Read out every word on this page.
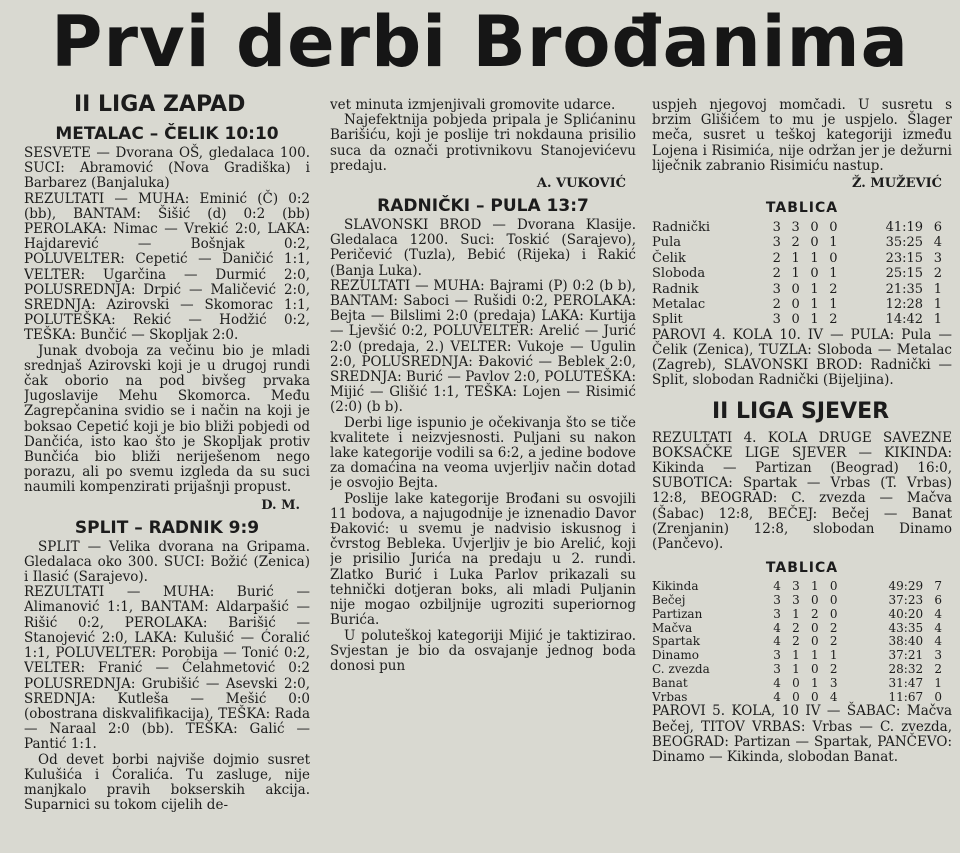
Prvi derbi Brođanima
II LIGA ZAPAD
METALAC – ČELIK 10:10

SESVETE — Dvorana OŠ, gledalaca 100. SUCI: Abramović (Nova Gradiška) i Barbarez (Banjaluka)

REZULTATI — MUHA: Eminić (Č) 0:2 (bb), BANTAM: Šišić (d) 0:2 (bb) PEROLAKA: Nimac — Vrekić 2:0, LAKA: Hajdarević — Bošnjak 0:2, POLUVELTER: Cepetić — Daničić 1:1, VELTER: Ugarčina — Durmić 2:0, POLUSREDNJA: Drpić — Maličević 2:0, SREDNJA: Azirovski — Skomorac 1:1, POLUTEŠKA: Rekić — Hodžić 0:2, TEŠKA: Bunčić — Skopljak 2:0.

Junak dvoboja za večinu bio je mladi srednjaš Azirovski koji je u drugoj rundi čak oborio na pod bivšeg prvaka Jugoslavije Mehu Skomorca. Među Zagrepčanina svidio se i način na koji je boksao Cepetić koji je bio bliži pobjedi od Dančića, isto kao što je Skopljak protiv Bunčića bio bliži neriješenom nego porazu, ali po svemu izgleda da su suci naumili kompenzirati prijašnji propust.

D. M.
SPLIT – RADNIK 9:9

SPLIT — Velika dvorana na Gripama. Gledalaca oko 300. SUCI: Božić (Zenica) i Ilasić (Sarajevo).

REZULTATI — MUHA: Burić — Alimanović 1:1, BANTAM: Aldarpašić — Rišić 0:2, PEROLAKA: Barišić — Stanojević 2:0, LAKA: Kulušić — Ćoralić 1:1, POLUVELTER: Porobija — Tonić 0:2, VELTER: Franić — Ćelahmetović 0:2 POLUSREDNJA: Grubišić — Asevski 2:0, SREDNJA: Kutleša — Mešić 0:0 (obostrana diskvalifikacija), TEŠKA: Rada — Naraal 2:0 (bb). TEŠKA: Galić — Pantić 1:1.

Od devet borbi najviše dojmio susret Kulušića i Ćoralića. Tu zasluge, nije manjkalo pravih bokserskih akcija. Suparnici su tokom cijelih de-

vet minuta izmjenjivali gromovite udarce.

Najefektnija pobjeda pripala je Splićaninu Barišiću, koji je poslije tri nokdauna prisilio suca da označi protivnikovu Stanojevićevu predaju.

A. VUKOVIĆ
RADNIČKI – PULA 13:7

SLAVONSKI BROD — Dvorana Klasije. Gledalaca 1200. Suci: Toskić (Sarajevo), Peričević (Tuzla), Bebić (Rijeka) i Rakić (Banja Luka).

REZULTATI — MUHA: Bajrami (P) 0:2 (b b), BANTAM: Saboci — Rušidi 0:2, PEROLAKA: Bejta — Bilslimi 2:0 (predaja) LAKA: Kurtija — Ljevšić 0:2, POLUVELTER: Arelić — Jurić 2:0 (predaja, 2.) VELTER: Vukoje — Ugulin 2:0, POLUSREDNJA: Đaković — Beblek 2:0, SREDNJA: Burić — Pavlov 2:0, POLUTEŠKA: Mijić — Glišić 1:1, TEŠKA: Lojen — Risimić (2:0) (b b).

Derbi lige ispunio je očekivanja što se tiče kvalitete i neizvjesnosti. Puljani su nakon lake kategorije vodili sa 6:2, a jedine bodove za domaćina na veoma uvjerljiv način dotad je osvojio Bejta.

Poslije lake kategorije Brođani su osvojili 11 bodova, a najugodnije je iznenadio Davor Đaković: u svemu je nadvisio iskusnog i čvrstog Bebleka. Uvjerljiv je bio Arelić, koji je prisilio Jurića na predaju u 2. rundi. Zlatko Burić i Luka Parlov prikazali su tehnički dotjeran boks, ali mladi Puljanin nije mogao ozbiljnije ugroziti superiornog Burića.

U poluteškoj kategoriji Mijić je taktizirao. Svjestan je bio da osvajanje jednog boda donosi pun

uspjeh njegovoj momčadi. U susretu s brzim Glišićem to mu je uspjelo. Šlager meča, susret u teškoj kategoriji između Lojena i Risimića, nije održan jer je dežurni liječnik zabranio Risimiću nastup.

Ž. MUŽEVIĆ
TABLICA
Radnički	3	3	0	0	41:19	6
Pula	3	2	0	1	35:25	4
Čelik	2	1	1	0	23:15	3
Sloboda	2	1	0	1	25:15	2
Radnik	3	0	1	2	21:35	1
Metalac	2	0	1	1	12:28	1
Split	3	0	1	2	14:42	1

PAROVI 4. KOLA 10. IV — PULA: Pula — Čelik (Zenica), TUZLA: Sloboda — Metalac (Zagreb), SLAVONSKI BROD: Radnički — Split, slobodan Radnički (Bijeljina).

II LIGA SJEVER

REZULTATI 4. KOLA DRUGE SAVEZNE BOKSAČKE LIGE SJEVER — KIKINDA: Kikinda — Partizan (Beograd) 16:0, SUBOTICA: Spartak — Vrbas (T. Vrbas) 12:8, BEOGRAD: C. zvezda — Mačva (Šabac) 12:8, BEČEJ: Bečej — Banat (Zrenjanin) 12:8, slobodan Dinamo (Pančevo).

TABLICA
Kikinda	4	3	1	0	49:29	7
Bečej	3	3	0	0	37:23	6
Partizan	3	1	2	0	40:20	4
Mačva	4	2	0	2	43:35	4
Spartak	4	2	0	2	38:40	4
Dinamo	3	1	1	1	37:21	3
C. zvezda	3	1	0	2	28:32	2
Banat	4	0	1	3	31:47	1
Vrbas	4	0	0	4	11:67	0

PAROVI 5. KOLA, 10 IV — ŠABAC: Mačva Bečej, TITOV VRBAS: Vrbas — C. zvezda, BEOGRAD: Partizan — Spartak, PANČEVO: Dinamo — Kikinda, slobodan Banat.
